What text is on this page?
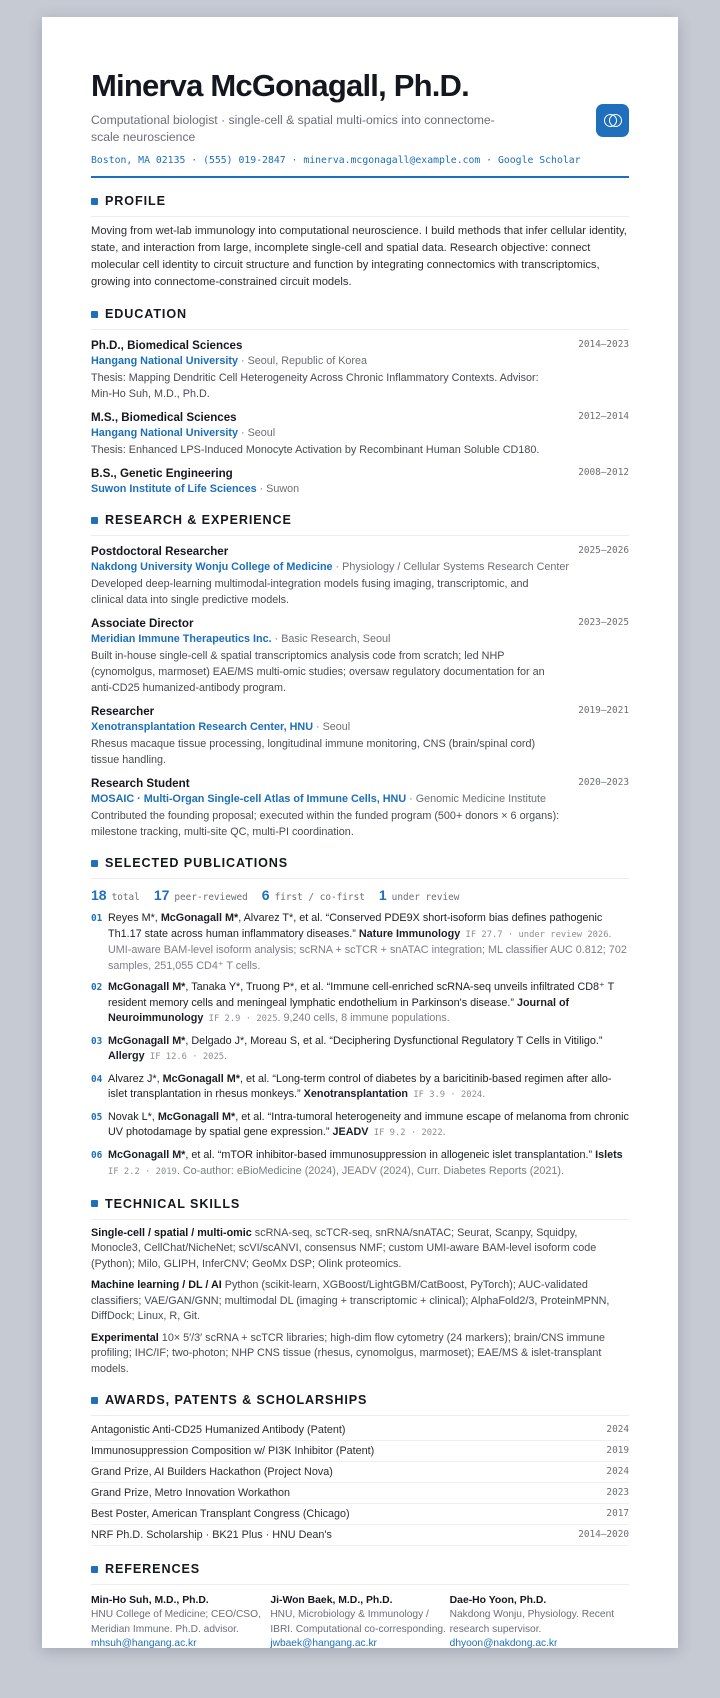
Minerva McGonagall, Ph.D.
Computational biologist · single-cell & spatial multi-omics into connectome-scale neuroscience
Boston, MA 02135 · (555) 019-2847 · minerva.mcgonagall@example.com · Google Scholar
PROFILE
Moving from wet-lab immunology into computational neuroscience. I build methods that infer cellular identity, state, and interaction from large, incomplete single-cell and spatial data. Research objective: connect molecular cell identity to circuit structure and function by integrating connectomics with transcriptomics, growing into connectome-constrained circuit models.
EDUCATION
Ph.D., Biomedical Sciences	2014–2023
Hangang National University · Seoul, Republic of Korea
Thesis: Mapping Dendritic Cell Heterogeneity Across Chronic Inflammatory Contexts. Advisor: Min-Ho Suh, M.D., Ph.D.
M.S., Biomedical Sciences	2012–2014
Hangang National University · Seoul
Thesis: Enhanced LPS-Induced Monocyte Activation by Recombinant Human Soluble CD180.
B.S., Genetic Engineering	2008–2012
Suwon Institute of Life Sciences · Suwon
RESEARCH & EXPERIENCE
Postdoctoral Researcher	2025–2026
Nakdong University Wonju College of Medicine · Physiology / Cellular Systems Research Center
Developed deep-learning multimodal-integration models fusing imaging, transcriptomic, and clinical data into single predictive models.
Associate Director	2023–2025
Meridian Immune Therapeutics Inc. · Basic Research, Seoul
Built in-house single-cell & spatial transcriptomics analysis code from scratch; led NHP (cynomolgus, marmoset) EAE/MS multi-omic studies; oversaw regulatory documentation for an anti-CD25 humanized-antibody program.
Researcher	2019–2021
Xenotransplantation Research Center, HNU · Seoul
Rhesus macaque tissue processing, longitudinal immune monitoring, CNS (brain/spinal cord) tissue handling.
Research Student	2020–2023
MOSAIC · Multi-Organ Single-cell Atlas of Immune Cells, HNU · Genomic Medicine Institute
Contributed the founding proposal; executed within the funded program (500+ donors × 6 organs): milestone tracking, multi-site QC, multi-PI coordination.
SELECTED PUBLICATIONS
18 total 17 peer-reviewed 6 first / co-first 1 under review
01 Reyes M*, McGonagall M*, Alvarez T*, et al. “Conserved PDE9X short-isoform bias defines pathogenic Th1.17 state across human inflammatory diseases.” Nature Immunology IF 27.7 · under review 2026. UMI-aware BAM-level isoform analysis; scRNA + scTCR + snATAC integration; ML classifier AUC 0.812; 702 samples, 251,055 CD4⁺ T cells.
02 McGonagall M*, Tanaka Y*, Truong P*, et al. “Immune cell-enriched scRNA-seq unveils infiltrated CD8⁺ T resident memory cells and meningeal lymphatic endothelium in Parkinson's disease.” Journal of Neuroimmunology IF 2.9 · 2025. 9,240 cells, 8 immune populations.
03 McGonagall M*, Delgado J*, Moreau S, et al. “Deciphering Dysfunctional Regulatory T Cells in Vitiligo.” Allergy IF 12.6 · 2025.
04 Alvarez J*, McGonagall M*, et al. “Long-term control of diabetes by a baricitinib-based regimen after allo-islet transplantation in rhesus monkeys.” Xenotransplantation IF 3.9 · 2024.
05 Novak L*, McGonagall M*, et al. “Intra-tumoral heterogeneity and immune escape of melanoma from chronic UV photodamage by spatial gene expression.” JEADV IF 9.2 · 2022.
06 McGonagall M*, et al. “mTOR inhibitor-based immunosuppression in allogeneic islet transplantation.” Islets IF 2.2 · 2019. Co-author: eBioMedicine (2024), JEADV (2024), Curr. Diabetes Reports (2021).
TECHNICAL SKILLS
Single-cell / spatial / multi-omic scRNA-seq, scTCR-seq, snRNA/snATAC; Seurat, Scanpy, Squidpy, Monocle3, CellChat/NicheNet; scVI/scANVI, consensus NMF; custom UMI-aware BAM-level isoform code (Python); Milo, GLIPH, InferCNV; GeoMx DSP; Olink proteomics.
Machine learning / DL / AI Python (scikit-learn, XGBoost/LightGBM/CatBoost, PyTorch); AUC-validated classifiers; VAE/GAN/GNN; multimodal DL (imaging + transcriptomic + clinical); AlphaFold2/3, ProteinMPNN, DiffDock; Linux, R, Git.
Experimental 10× 5′/3′ scRNA + scTCR libraries; high-dim flow cytometry (24 markers); brain/CNS immune profiling; IHC/IF; two-photon; NHP CNS tissue (rhesus, cynomolgus, marmoset); EAE/MS & islet-transplant models.
AWARDS, PATENTS & SCHOLARSHIPS
Antagonistic Anti-CD25 Humanized Antibody (Patent)	2024
Immunosuppression Composition w/ PI3K Inhibitor (Patent)	2019
Grand Prize, AI Builders Hackathon (Project Nova)	2024
Grand Prize, Metro Innovation Workathon	2023
Best Poster, American Transplant Congress (Chicago)	2017
NRF Ph.D. Scholarship · BK21 Plus · HNU Dean's	2014–2020
REFERENCES
Min-Ho Suh, M.D., Ph.D.
HNU College of Medicine; CEO/CSO, Meridian Immune. Ph.D. advisor.
mhsuh@hangang.ac.kr
Ji-Won Baek, M.D., Ph.D.
HNU, Microbiology & Immunology / IBRI. Computational co-corresponding.
jwbaek@hangang.ac.kr
Dae-Ho Yoon, Ph.D.
Nakdong Wonju, Physiology. Recent research supervisor.
dhyoon@nakdong.ac.kr
